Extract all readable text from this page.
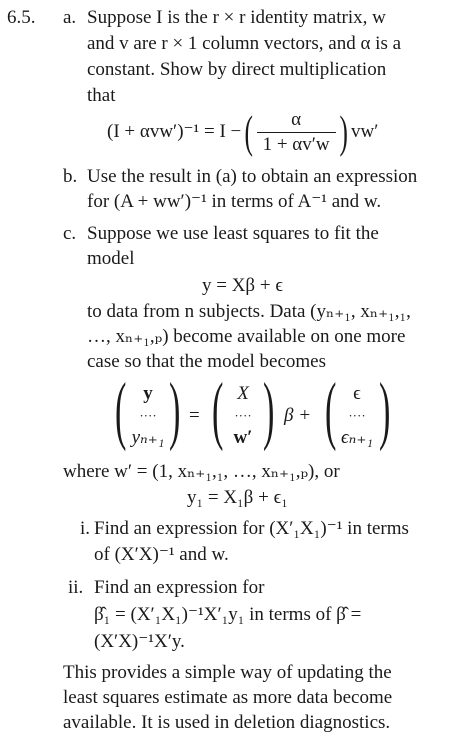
6.5. a. Suppose I is the r × r identity matrix, w
and v are r × 1 column vectors, and α is a
constant. Show by direct multiplication
that
(I + αvw′)⁻¹ = I − ( $\frac{\alpha}{1 + \alpha v'w}$ ) vw′
b. Use the result in (a) to obtain an expression
for (A + ww′)⁻¹ in terms of A⁻¹ and w.
c. Suppose we use least squares to fit the
model
y = Xβ + ϵ
to data from n subjects. Data (yₙ₊₁, xₙ₊₁,₁,
…, xₙ₊₁,ₚ) become available on one more
case so that the model becomes
( y
····
yₙ₊₁ ) = ( X
····
w′ ) β + ( ϵ
····
ϵₙ₊₁ )
where w′ = (1, xₙ₊₁,₁, …, xₙ₊₁,ₚ), or
y₁ = X₁β + ϵ₁
i. Find an expression for (X′₁X₁)⁻¹ in terms
of (X′X)⁻¹ and w.
ii. Find an expression for
β̂₁ = (X′₁X₁)⁻¹X′₁y₁ in terms of β̂ =
(X′X)⁻¹X′y.
This provides a simple way of updating the
least squares estimate as more data become
available. It is used in deletion diagnostics.
